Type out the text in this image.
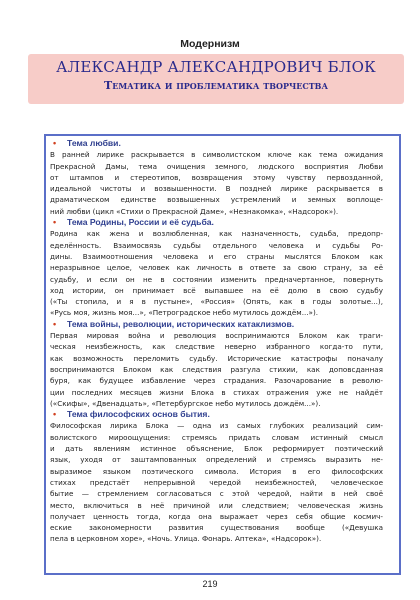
Модернизм
АЛЕКСАНДР АЛЕКСАНДРОВИЧ БЛОК
Тематика и проблематика творчества
•	Тема любви.
В ранней лирике раскрывается в символистском ключе как тема ожидания
Прекрасной Дамы, тема очищения земного, людского восприятия Любви
от штампов и стереотипов, возвращения этому чувству первозданной,
идеальной чистоты и возвышенности. В поздней лирике раскрывается в
драматическом единстве возвышенных устремлений и земных воплоще-
ний любви (цикл «Стихи о Прекрасной Даме», «Незнакомка», «Надсорок»).
•	Тема Родины, России и её судьба.
Родина как жена и возлюбленная, как назначенность, судьба, предопр-
еделённость. Взаимосвязь судьбы отдельного человека и судьбы Ро-
дины. Взаимоотношения человека и его страны мыслятся Блоком как
неразрывное целое, человек как личность в ответе за свою страну, за её
судьбу, и если он не в состоянии изменить предначертанное, повернуть
ход истории, он принимает всё выпавшее на её долю в свою судьбу
(«Ты стопила, и я в пустыне», «Россия» (Опять, как в годы золотые...),
«Русь моя, жизнь моя...», «Петроградское небо мутилось дождём...»).
•	Тема войны, революции, исторических катаклизмов.
Первая мировая война и революция воспринимаются Блоком как траги-
ческая неизбежность, как следствие неверно избранного когда-то пути,
как возможность переломить судьбу. Исторические катастрофы поначалу
воспринимаются Блоком как следствия разгула стихии, как доповсданная
буря, как будущее избавление через страдания. Разочарование в револю-
ции последних месяцев жизни Блока в стихах отражения уже не найдёт
(«Скифы», «Двенадцать», «Петербургское небо мутилось дождём...»).
•	Тема философских основ бытия.
Философская лирика Блока — одна из самых глубоких реализаций сим-
волистского мироощущения: стремясь придать словам истинный смысл
и дать явлениям истинное объяснение, Блок реформирует поэтический
язык, уходя от заштампованных определений и стремясь выразить не-
выразимое языком поэтического символа. История в его философских
стихах предстаёт непрерывной чередой неизбежностей, человеческое
бытие — стремлением согласоваться с этой чередой, найти в ней своё
место, включиться в неё причиной или следствием; человеческая жизнь
получает ценность тогда, когда она выражает через себя общие космич-
еские закономерности развития существования вообще («Девушка
пела в церковном хоре», «Ночь. Улица. Фонарь. Аптека», «Надсорок»).
219
